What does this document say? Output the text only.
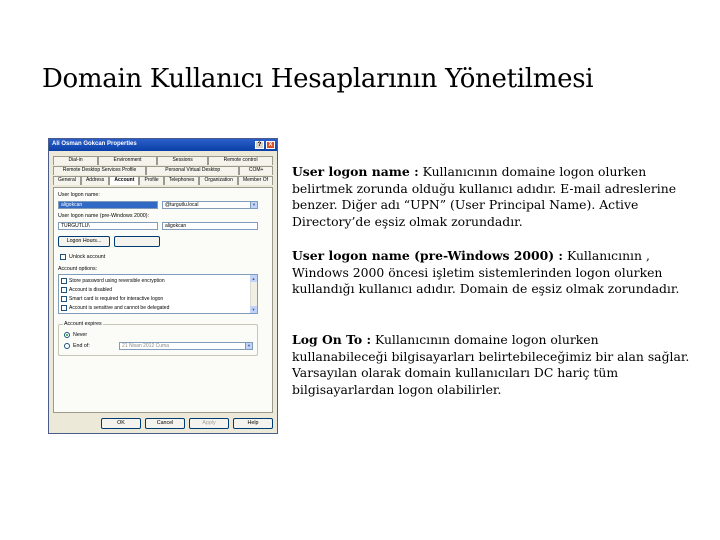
Domain Kullanıcı Hesaplarının Yönetilmesi
Ali Osman Gokcan Properties	?	X
Dial-in	Environment	Sessions	Remote control
Remote Desktop Services Profile	Personal Virtual Desktop	COM+
General	Address	Account	Profile	Telephones	Organization	Member Of
User logon name:
aligokcan	@turgutlu.local	▼
User logon name (pre-Windows 2000):
TURGUTLU\	aligokcan
Logon Hours...
Unlock account
Account options:
Store password using reversible encryption
Account is disabled
Smart card is required for interactive logon
Account is sensitive and cannot be delegated
▲
▼
Account expires
Never
End of:	21 Nisan 2012 Cuma	▼
OK	Cancel	Apply	Help

User logon name : Kullanıcının domaine logon olurken belirtmek zorunda olduğu kullanıcı adıdır. E-mail adreslerine benzer. Diğer adı “UPN” (User Principal Name). Active Directory’de eşsiz olmak zorundadır.

User logon name (pre-Windows 2000) : Kullanıcının , Windows 2000 öncesi işletim sistemlerinden logon olurken kullandığı kullanıcı adıdır. Domain de eşsiz olmak zorundadır.

Log On To : Kullanıcının domaine logon olurken kullanabileceği bilgisayarları belirtebileceğimiz bir alan sağlar. Varsayılan olarak domain kullanıcıları DC hariç tüm bilgisayarlardan logon olabilirler.
